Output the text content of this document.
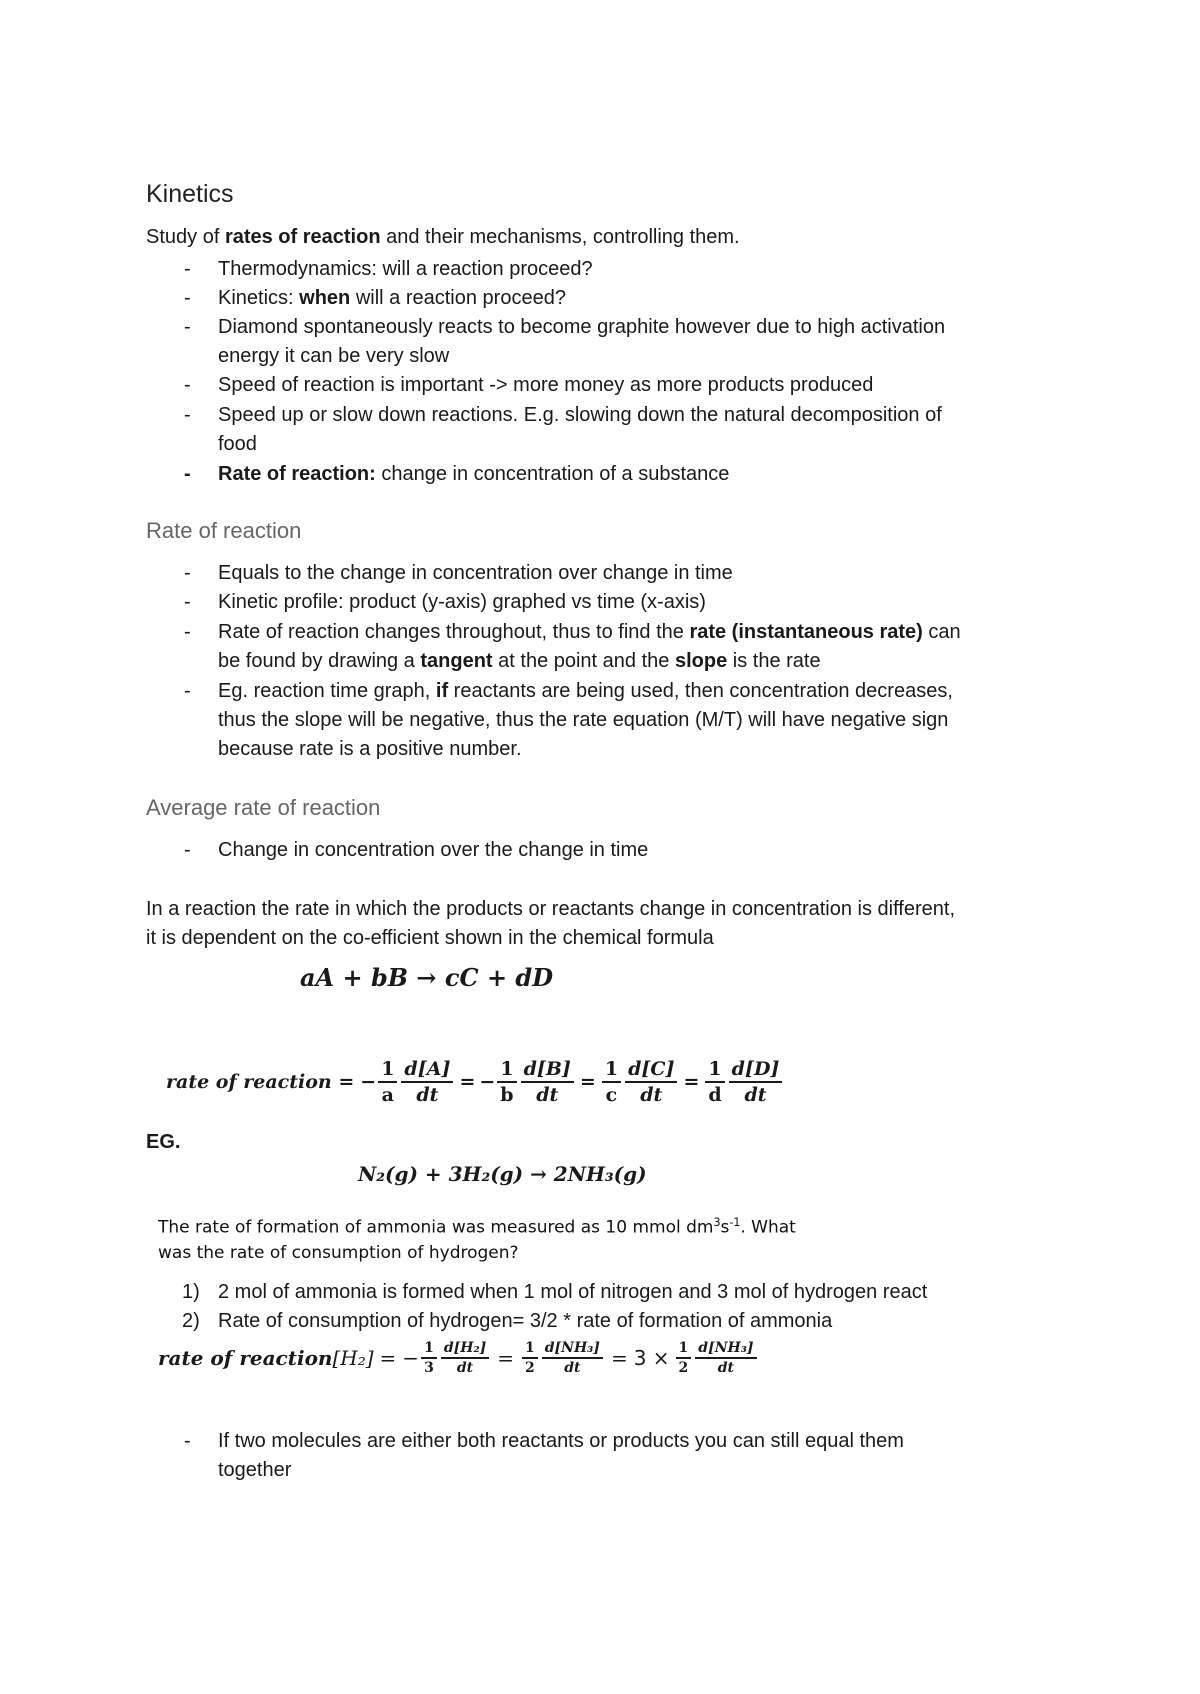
Kinetics
Study of rates of reaction and their mechanisms, controlling them.
-	Thermodynamics: will a reaction proceed?
-	Kinetics: when will a reaction proceed?
-	Diamond spontaneously reacts to become graphite however due to high activation
energy it can be very slow
-	Speed of reaction is important -> more money as more products produced
-	Speed up or slow down reactions. E.g. slowing down the natural decomposition of
food
-	Rate of reaction: change in concentration of a substance
Rate of reaction
-	Equals to the change in concentration over change in time
-	Kinetic profile: product (y-axis) graphed vs time (x-axis)
-	Rate of reaction changes throughout, thus to find the rate (instantaneous rate) can
be found by drawing a tangent at the point and the slope is the rate
-	Eg. reaction time graph, if reactants are being used, then concentration decreases,
thus the slope will be negative, thus the rate equation (M/T) will have negative sign
because rate is a positive number.
Average rate of reaction
-	Change in concentration over the change in time
In a reaction the rate in which the products or reactants change in concentration is different,
it is dependent on the co-efficient shown in the chemical formula
aA + bB → cC + dD
rate of reaction = − $\frac{1}{a} \frac{d[A]}{dt}$ = − $\frac{1}{b} \frac{d[B]}{dt} = \frac{1}{c} \frac{d[C]}{dt} = \frac{1}{d} \frac{d[D]}{dt}$
EG.
N₂(g) + 3H₂(g) → 2NH₃(g)
The rate of formation of ammonia was measured as 10 mmol $dm^3s^{-1}$. What
was the rate of consumption of hydrogen?
1) 2 mol of ammonia is formed when 1 mol of nitrogen and 3 mol of hydrogen react
2) Rate of consumption of hydrogen= 3/2 * rate of formation of ammonia
rate of reaction [H₂] = − $\frac{1}{3} \frac{\text{d[H₂]}}{dt} = \frac{1}{2} \frac{\text{d[NH₃]}}{dt} = 3 \times \frac{1}{2} \frac{\text{d[NH₃]}}{dt}$
-	If two molecules are either both reactants or products you can still equal them
together
